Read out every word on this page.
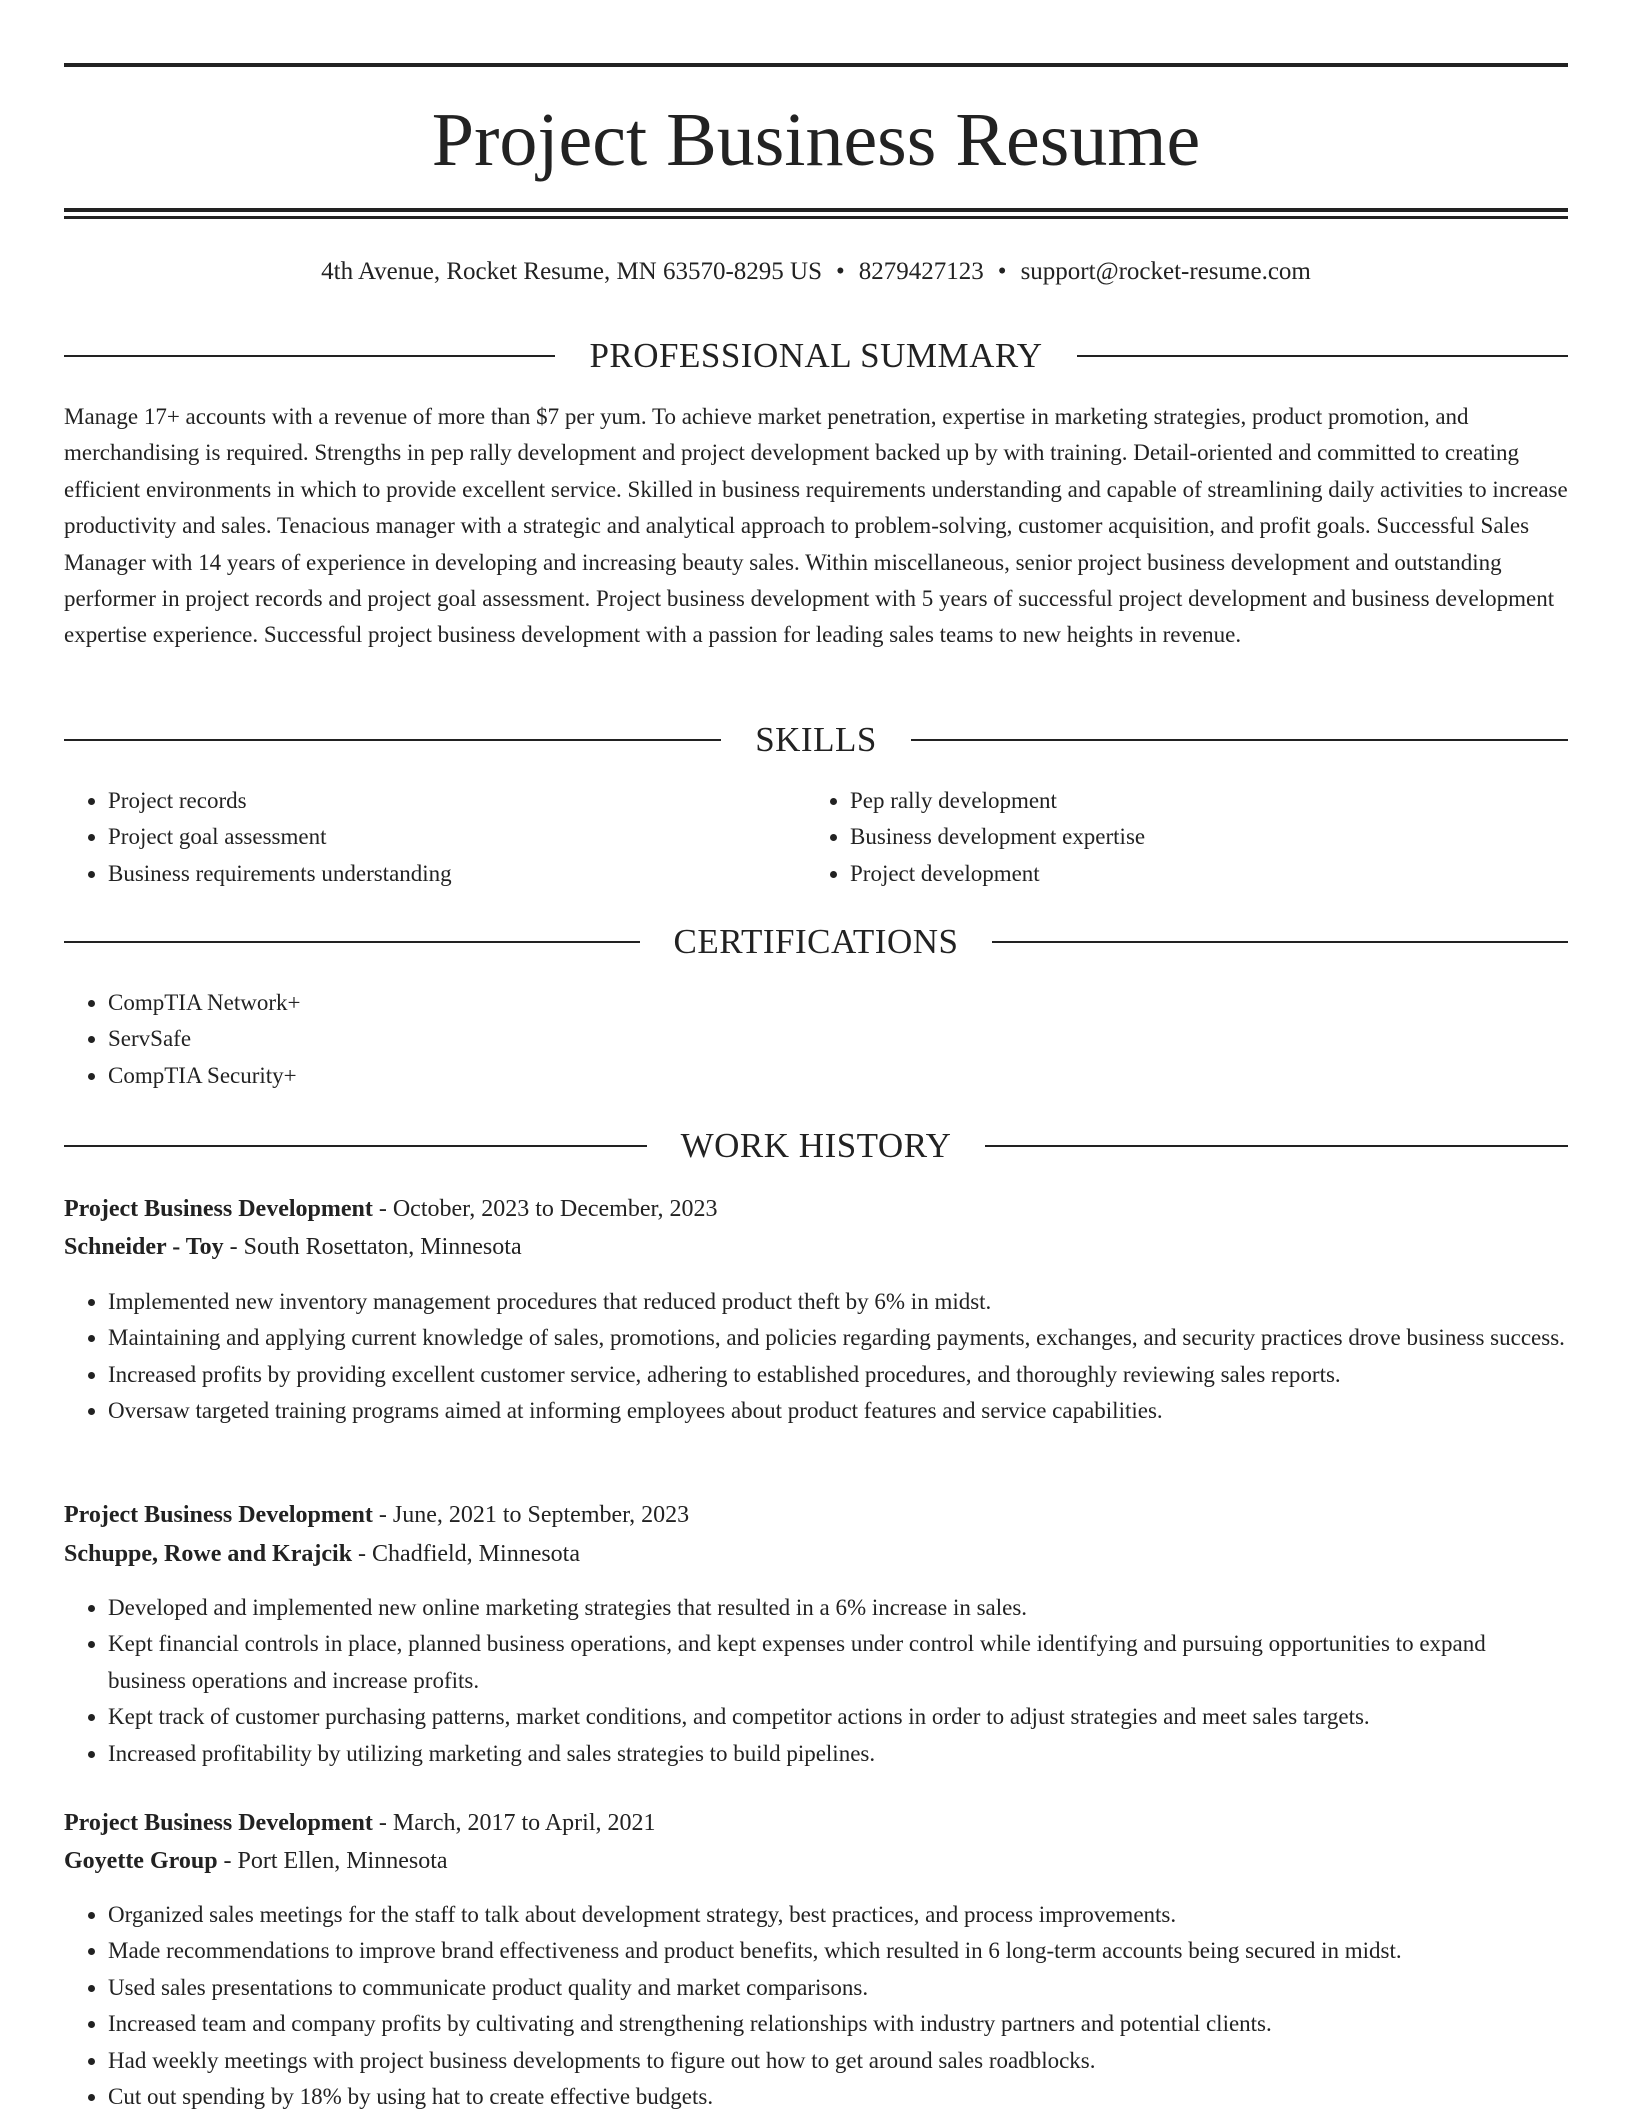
Project Business Resume
4th Avenue, Rocket Resume, MN 63570-8295 US • 8279427123 • support@rocket-resume.com
PROFESSIONAL SUMMARY

Manage 17+ accounts with a revenue of more than $7 per yum. To achieve market penetration, expertise in marketing strategies, product promotion, and merchandising is required. Strengths in pep rally development and project development backed up by with training. Detail-oriented and committed to creating efficient environments in which to provide excellent service. Skilled in business requirements understanding and capable of streamlining daily activities to increase productivity and sales. Tenacious manager with a strategic and analytical approach to problem-solving, customer acquisition, and profit goals. Successful Sales Manager with 14 years of experience in developing and increasing beauty sales. Within miscellaneous, senior project business development and outstanding performer in project records and project goal assessment. Project business development with 5 years of successful project development and business development expertise experience. Successful project business development with a passion for leading sales teams to new heights in revenue.

SKILLS
• Project records
• Project goal assessment
• Business requirements understanding
• Pep rally development
• Business development expertise
• Project development
CERTIFICATIONS
• CompTIA Network+
• ServSafe
• CompTIA Security+
WORK HISTORY
Project Business Development - October, 2023 to December, 2023
Schneider - Toy - South Rosettaton, Minnesota
• Implemented new inventory management procedures that reduced product theft by 6% in midst.
• Maintaining and applying current knowledge of sales, promotions, and policies regarding payments, exchanges, and security practices drove business success.
• Increased profits by providing excellent customer service, adhering to established procedures, and thoroughly reviewing sales reports.
• Oversaw targeted training programs aimed at informing employees about product features and service capabilities.
Project Business Development - June, 2021 to September, 2023
Schuppe, Rowe and Krajcik - Chadfield, Minnesota
• Developed and implemented new online marketing strategies that resulted in a 6% increase in sales.
• Kept financial controls in place, planned business operations, and kept expenses under control while identifying and pursuing opportunities to expand business operations and increase profits.
• Kept track of customer purchasing patterns, market conditions, and competitor actions in order to adjust strategies and meet sales targets.
• Increased profitability by utilizing marketing and sales strategies to build pipelines.
Project Business Development - March, 2017 to April, 2021
Goyette Group - Port Ellen, Minnesota
• Organized sales meetings for the staff to talk about development strategy, best practices, and process improvements.
• Made recommendations to improve brand effectiveness and product benefits, which resulted in 6 long-term accounts being secured in midst.
• Used sales presentations to communicate product quality and market comparisons.
• Increased team and company profits by cultivating and strengthening relationships with industry partners and potential clients.
• Had weekly meetings with project business developments to figure out how to get around sales roadblocks.
• Cut out spending by 18% by using hat to create effective budgets.
